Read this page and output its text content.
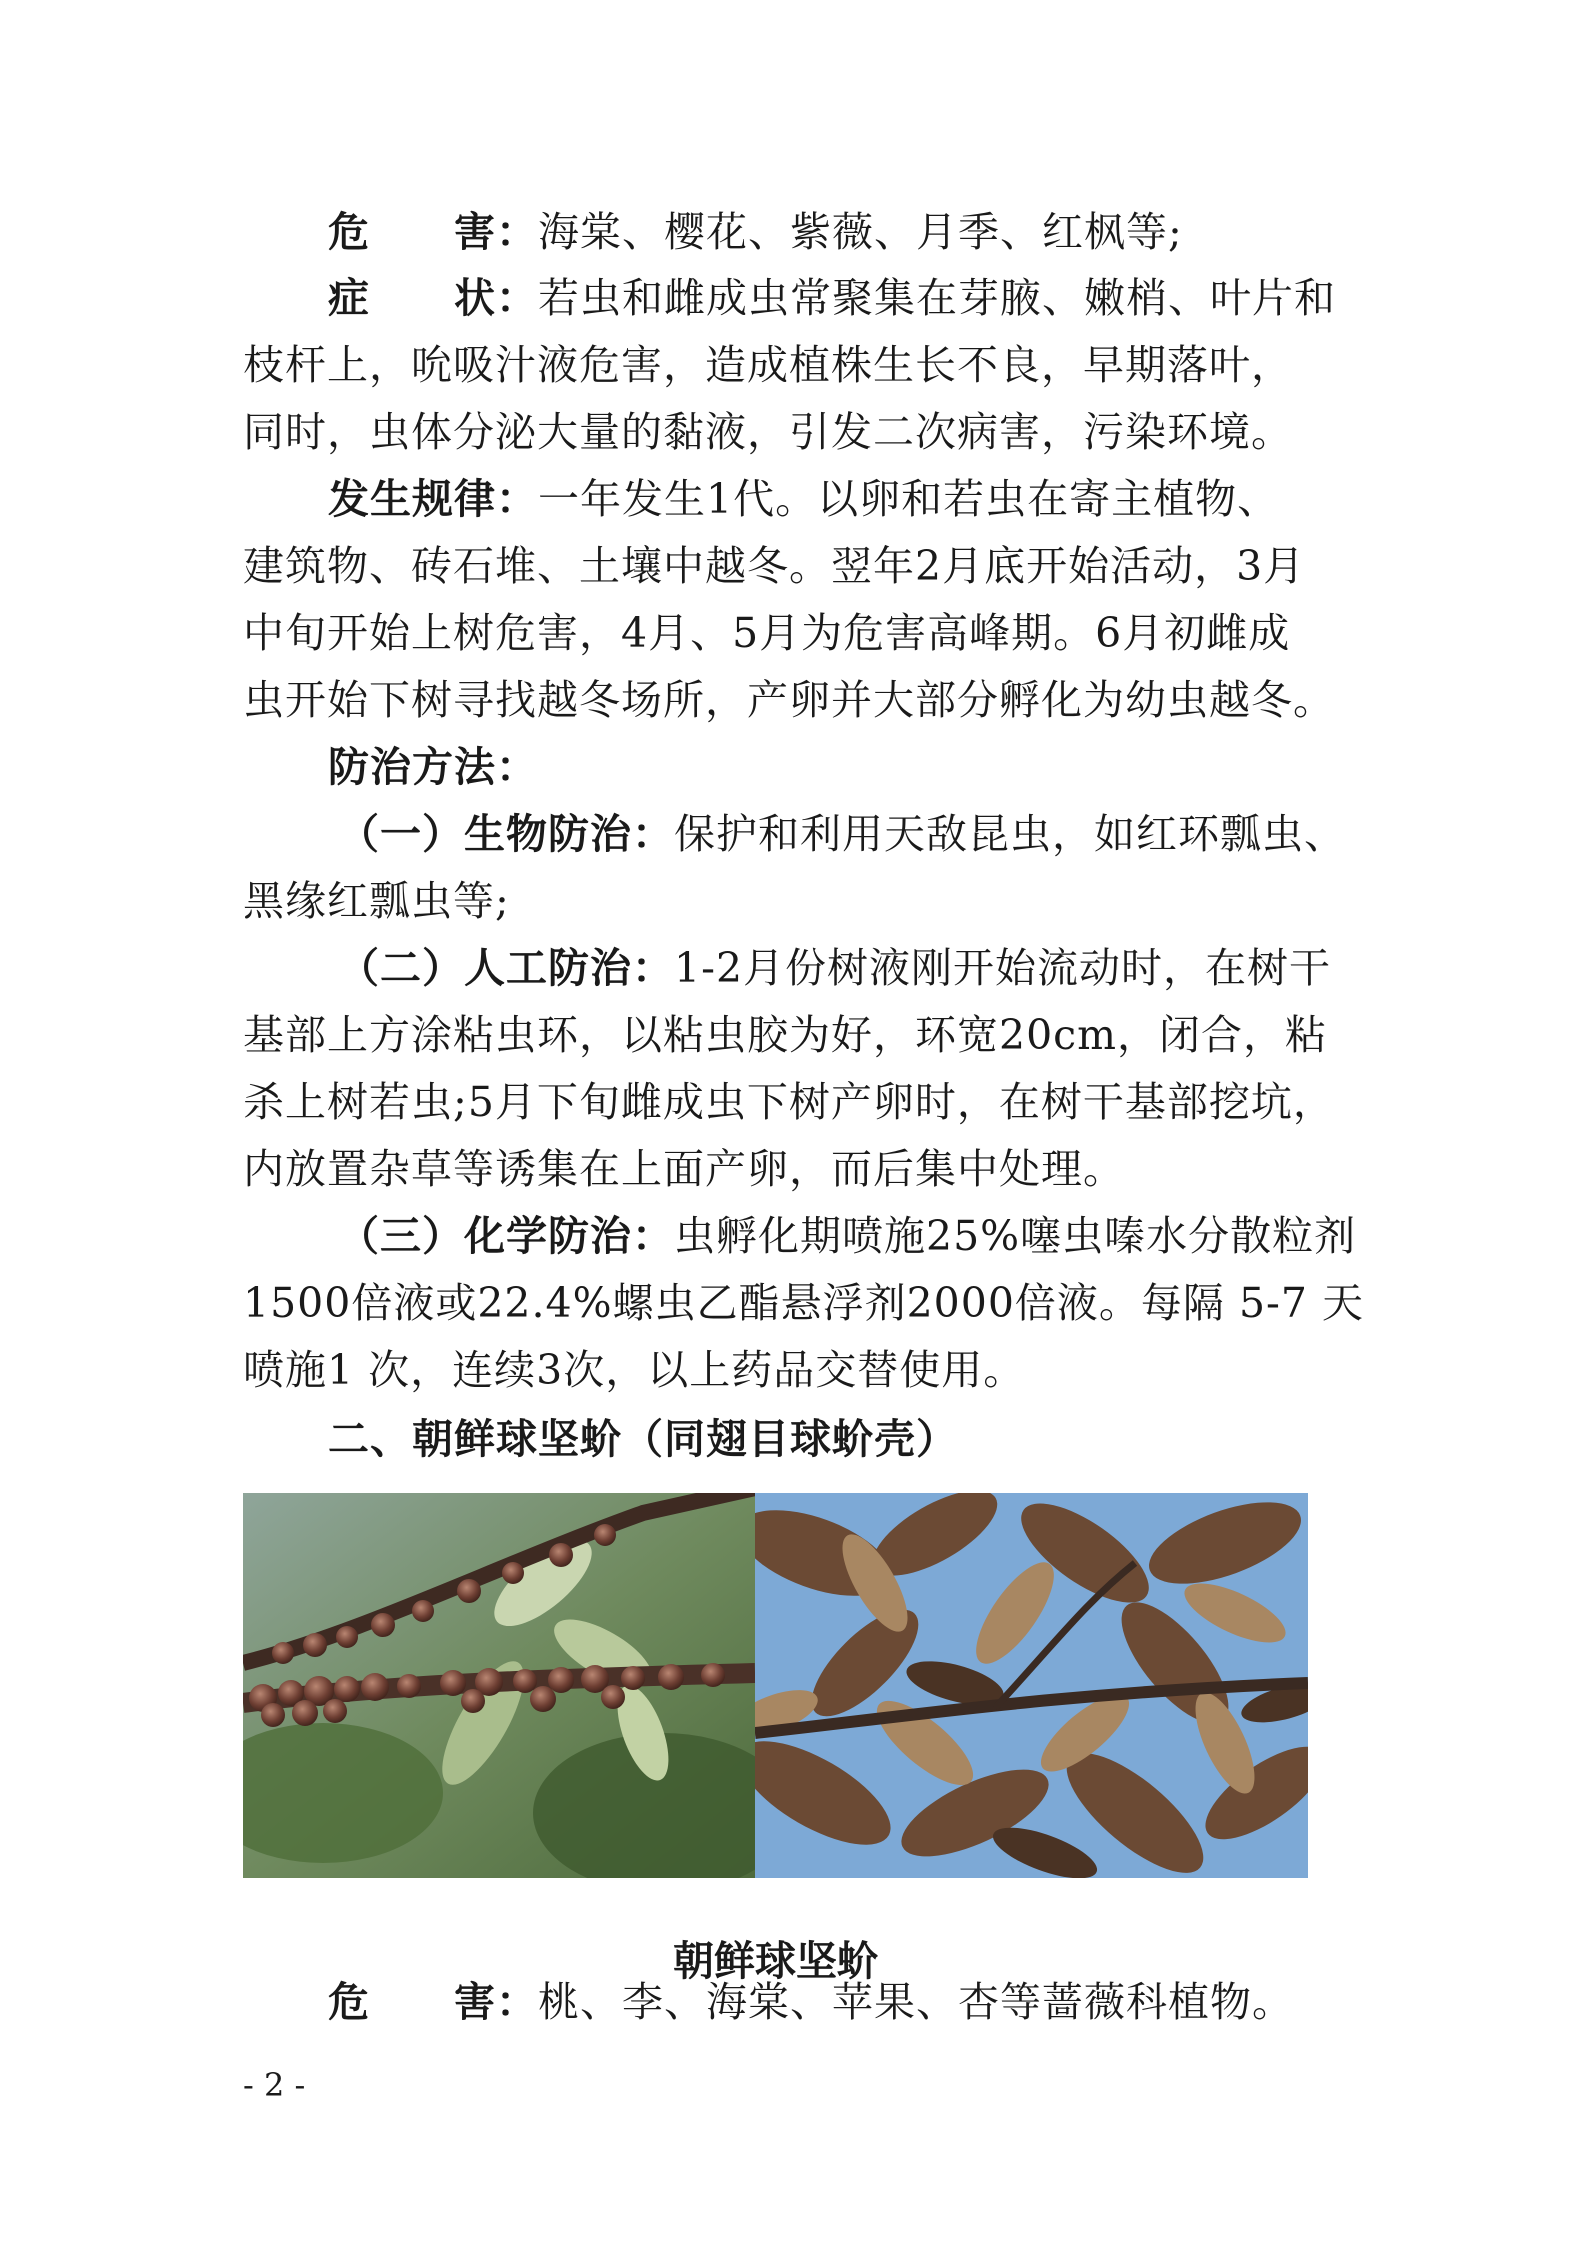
危　　害：海棠、樱花、紫薇、月季、红枫等;

症　　状：若虫和雌成虫常聚集在芽腋、嫩梢、叶片和

枝杆上，吮吸汁液危害，造成植株生长不良，早期落叶，

同时，虫体分泌大量的黏液，引发二次病害，污染环境。

发生规律：一年发生1代。以卵和若虫在寄主植物、

建筑物、砖石堆、土壤中越冬。翌年2月底开始活动，3月

中旬开始上树危害，4月、5月为危害高峰期。6月初雌成

虫开始下树寻找越冬场所，产卵并大部分孵化为幼虫越冬。

防治方法：

（一）生物防治：保护和利用天敌昆虫，如红环瓢虫、

黑缘红瓢虫等;

（二）人工防治：1-2月份树液刚开始流动时，在树干

基部上方涂粘虫环，以粘虫胶为好，环宽20cm，闭合，粘

杀上树若虫;5月下旬雌成虫下树产卵时，在树干基部挖坑，

内放置杂草等诱集在上面产卵，而后集中处理。

（三）化学防治：虫孵化期喷施25%噻虫嗪水分散粒剂

1500倍液或22.4%螺虫乙酯悬浮剂2000倍液。每隔 5-7 天

喷施1 次，连续3次，以上药品交替使用。

二、朝鲜球坚蚧（同翅目球蚧壳）

朝鲜球坚蚧

危　　害：桃、李、海棠、苹果、杏等蔷薇科植物。

- 2 -
